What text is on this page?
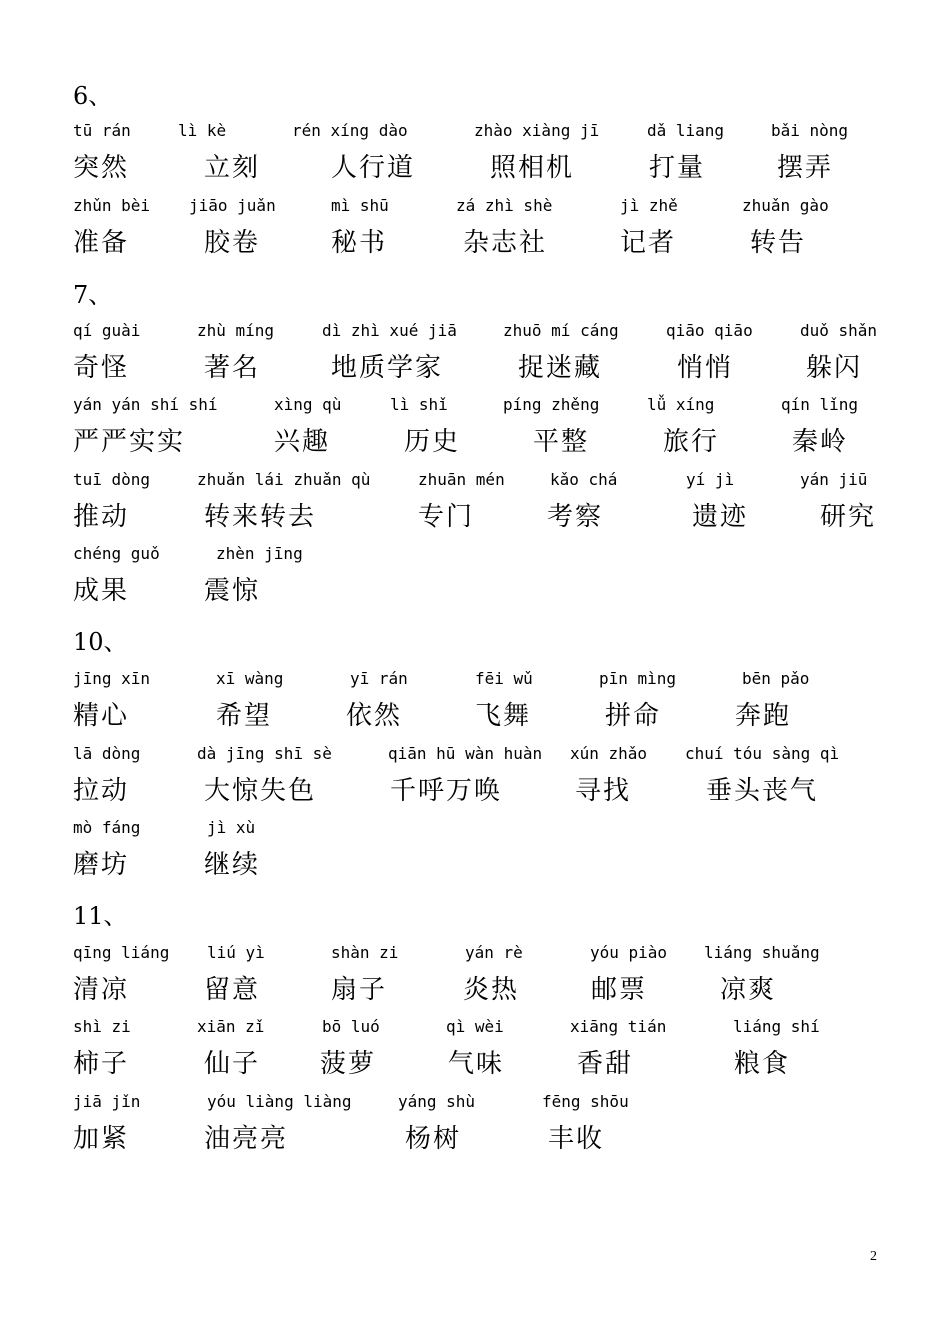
2
6、
tū rán
突然
lì kè
立刻
rén xíng dào
人行道
zhào xiàng jī
照相机
dǎ liang
打量
bǎi nòng
摆弄
zhǔn bèi
准备
jiāo juǎn
胶卷
mì shū
秘书
zá zhì shè
杂志社
jì zhě
记者
zhuǎn gào
转告
7、
qí guài
奇怪
zhù míng
著名
dì zhì xué jiā
地质学家
zhuō mí cáng
捉迷藏
qiāo qiāo
悄悄
duǒ shǎn
躲闪
yán yán shí shí
严严实实
xìng qù
兴趣
lì shǐ
历史
píng zhěng
平整
lǚ xíng
旅行
qín lǐng
秦岭
tuī dòng
推动
zhuǎn lái zhuǎn qù
转来转去
zhuān mén
专门
kǎo chá
考察
yí jì
遗迹
yán jiū
研究
chéng guǒ
成果
zhèn jīng
震惊
10、
jīng xīn
精心
xī wàng
希望
yī rán
依然
fēi wǔ
飞舞
pīn mìng
拼命
bēn pǎo
奔跑
lā dòng
拉动
dà jīng shī sè
大惊失色
qiān hū wàn huàn
千呼万唤
xún zhǎo
寻找
chuí tóu sàng qì
垂头丧气
mò fáng
磨坊
jì xù
继续
11、
qīng liáng
清凉
liú yì
留意
shàn zi
扇子
yán rè
炎热
yóu piào
邮票
liáng shuǎng
凉爽
shì zi
柿子
xiān zǐ
仙子
bō luó
菠萝
qì wèi
气味
xiāng tián
香甜
liáng shí
粮食
jiā jǐn
加紧
yóu liàng liàng
油亮亮
yáng shù
杨树
fēng shōu
丰收
